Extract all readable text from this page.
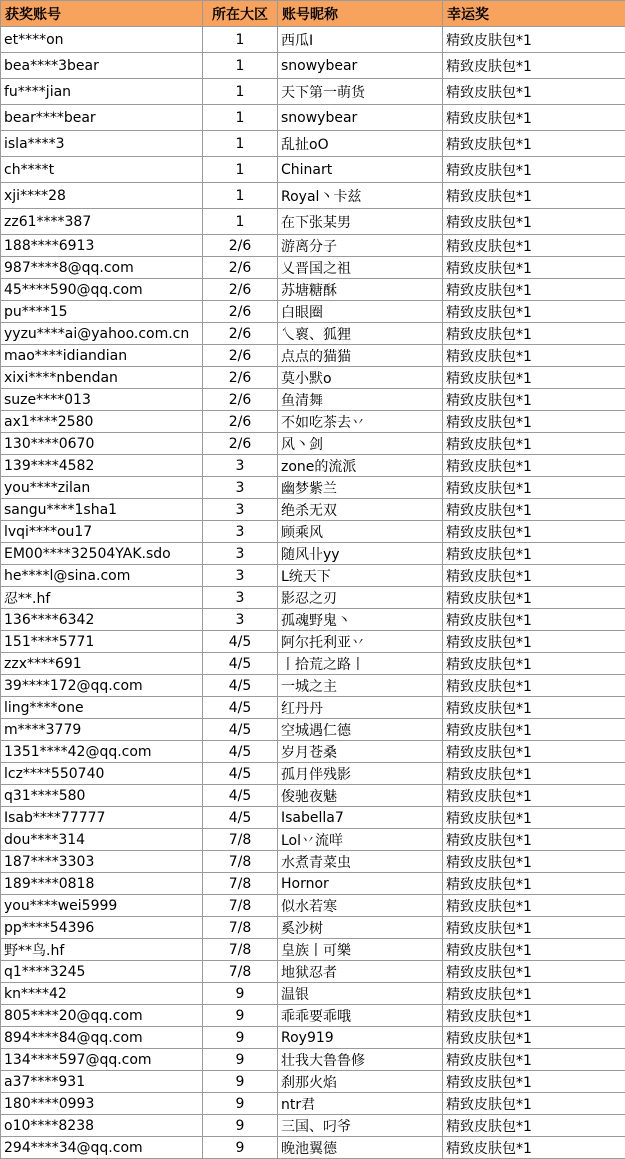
获奖账号	所在大区	账号昵称	幸运奖
et****on	1	西瓜I	精致皮肤包*1
bea****3bear	1	snowybear	精致皮肤包*1
fu****jian	1	天下第一萌货	精致皮肤包*1
bear****bear	1	snowybear	精致皮肤包*1
isla****3	1	乱扯oO	精致皮肤包*1
ch****t	1	Chinart	精致皮肤包*1
xji****28	1	Royal丶卡兹	精致皮肤包*1
zz61****387	1	在下张某男	精致皮肤包*1
188****6913	2/6	游离分子	精致皮肤包*1
987****8@qq.com	2/6	乂晋国之祖	精致皮肤包*1
45****590@qq.com	2/6	苏塘糖酥	精致皮肤包*1
pu****15	2/6	白眼圈	精致皮肤包*1
yyzu****ai@yahoo.com.cn	2/6	乀褱、狐狸	精致皮肤包*1
mao****idiandian	2/6	点点的猫猫	精致皮肤包*1
xixi****nbendan	2/6	莫小默o	精致皮肤包*1
suze****013	2/6	鱼清舞	精致皮肤包*1
ax1****2580	2/6	不如吃茶去丷	精致皮肤包*1
130****0670	2/6	风丶剑	精致皮肤包*1
139****4582	3	zone的流派	精致皮肤包*1
you****zilan	3	幽梦紫兰	精致皮肤包*1
sangu****1sha1	3	绝杀无双	精致皮肤包*1
lvqi****ou17	3	顾乘风	精致皮肤包*1
EM00****32504YAK.sdo	3	随风卝yy	精致皮肤包*1
he****l@sina.com	3	L统天下	精致皮肤包*1
忍**.hf	3	影忍之刃	精致皮肤包*1
136****6342	3	孤魂野鬼丶	精致皮肤包*1
151****5771	4/5	阿尔托利亚丷	精致皮肤包*1
zzx****691	4/5	丨拾荒之路丨	精致皮肤包*1
39****172@qq.com	4/5	一城之主	精致皮肤包*1
ling****one	4/5	红丹丹	精致皮肤包*1
m****3779	4/5	空城遇仁德	精致皮肤包*1
1351****42@qq.com	4/5	岁月苍桑	精致皮肤包*1
lcz****550740	4/5	孤月伴残影	精致皮肤包*1
q31****580	4/5	俊驰夜魅	精致皮肤包*1
Isab****77777	4/5	Isabella7	精致皮肤包*1
dou****314	7/8	Lol丷流咩	精致皮肤包*1
187****3303	7/8	水煮青菜虫	精致皮肤包*1
189****0818	7/8	Hornor	精致皮肤包*1
you****wei5999	7/8	似水若寒	精致皮肤包*1
pp****54396	7/8	奚沙树	精致皮肤包*1
野**鸟.hf	7/8	皇族丨可樂	精致皮肤包*1
q1****3245	7/8	地狱忍者	精致皮肤包*1
kn****42	9	温银	精致皮肤包*1
805****20@qq.com	9	乖乖要乖哦	精致皮肤包*1
894****84@qq.com	9	Roy919	精致皮肤包*1
134****597@qq.com	9	壮我大鲁鲁修	精致皮肤包*1
a37****931	9	刹那火焰	精致皮肤包*1
180****0993	9	ntr君	精致皮肤包*1
o10****8238	9	三国、叼爷	精致皮肤包*1
294****34@qq.com	9	晚池翼德	精致皮肤包*1
